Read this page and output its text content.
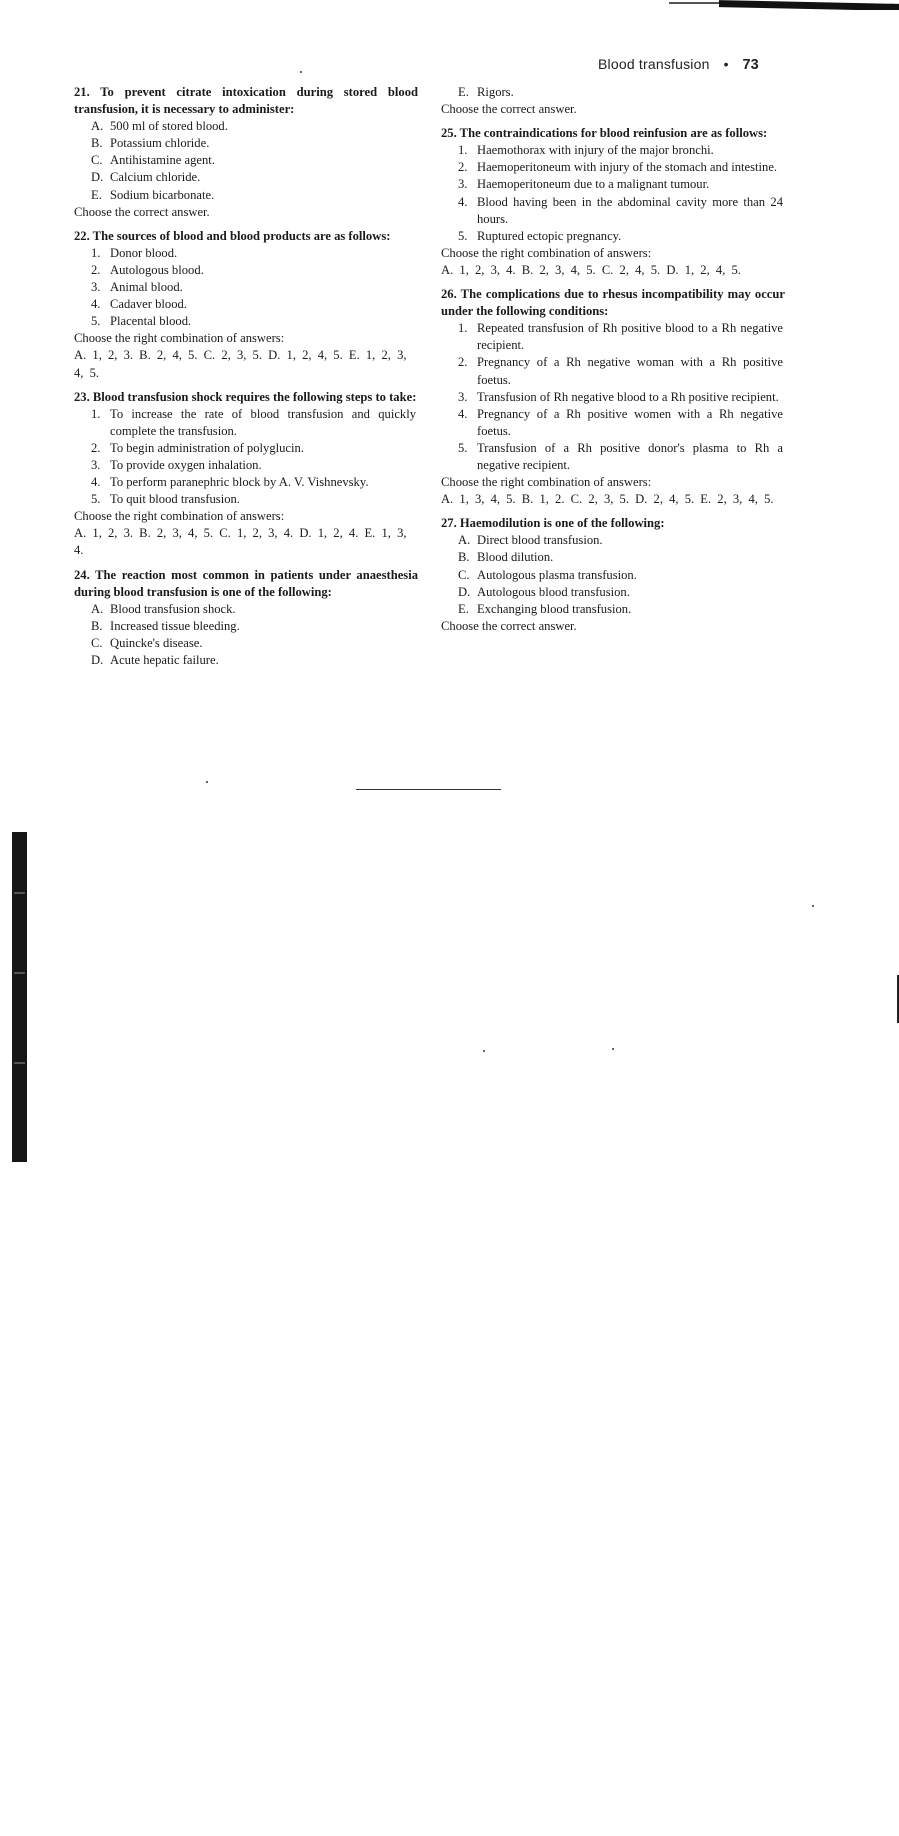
Blood transfusion • 73

21. To prevent citrate intoxication during stored blood transfusion, it is necessary to administer:

A. 500 ml of stored blood.
B. Potassium chloride.
C. Antihistamine agent.
D. Calcium chloride.
E. Sodium bicarbonate.

Choose the correct answer.

22. The sources of blood and blood products are as follows:

1. Donor blood.
2. Autologous blood.
3. Animal blood.
4. Cadaver blood.
5. Placental blood.

Choose the right combination of answers:

A. 1, 2, 3. B. 2, 4, 5. C. 2, 3, 5. D. 1, 2, 4, 5. E. 1, 2, 3, 4, 5.

23. Blood transfusion shock requires the following steps to take:

1. To increase the rate of blood transfusion and quickly complete the transfusion.
2. To begin administration of polyglucin.
3. To provide oxygen inhalation.
4. To perform paranephric block by A. V. Vishnevsky.
5. To quit blood transfusion.

Choose the right combination of answers:

A. 1, 2, 3. B. 2, 3, 4, 5. C. 1, 2, 3, 4. D. 1, 2, 4. E. 1, 3, 4.

24. The reaction most common in patients under anaesthesia during blood transfusion is one of the following:

A. Blood transfusion shock.
B. Increased tissue bleeding.
C. Quincke's disease.
D. Acute hepatic failure.
E. Rigors.

Choose the correct answer.

25. The contraindications for blood reinfusion are as follows:

1. Haemothorax with injury of the major bronchi.
2. Haemoperitoneum with injury of the stomach and intestine.
3. Haemoperitoneum due to a malignant tumour.
4. Blood having been in the abdominal cavity more than 24 hours.
5. Ruptured ectopic pregnancy.

Choose the right combination of answers:

A. 1, 2, 3, 4. B. 2, 3, 4, 5. C. 2, 4, 5. D. 1, 2, 4, 5.

26. The complications due to rhesus incompatibility may occur under the following conditions:

1. Repeated transfusion of Rh positive blood to a Rh negative recipient.
2. Pregnancy of a Rh negative woman with a Rh positive foetus.
3. Transfusion of Rh negative blood to a Rh positive recipient.
4. Pregnancy of a Rh positive women with a Rh negative foetus.
5. Transfusion of a Rh positive donor's plasma to Rh a negative recipient.

Choose the right combination of answers:

A. 1, 3, 4, 5. B. 1, 2. C. 2, 3, 5. D. 2, 4, 5. E. 2, 3, 4, 5.

27. Haemodilution is one of the following:

A. Direct blood transfusion.
B. Blood dilution.
C. Autologous plasma transfusion.
D. Autologous blood transfusion.
E. Exchanging blood transfusion.

Choose the correct answer.
